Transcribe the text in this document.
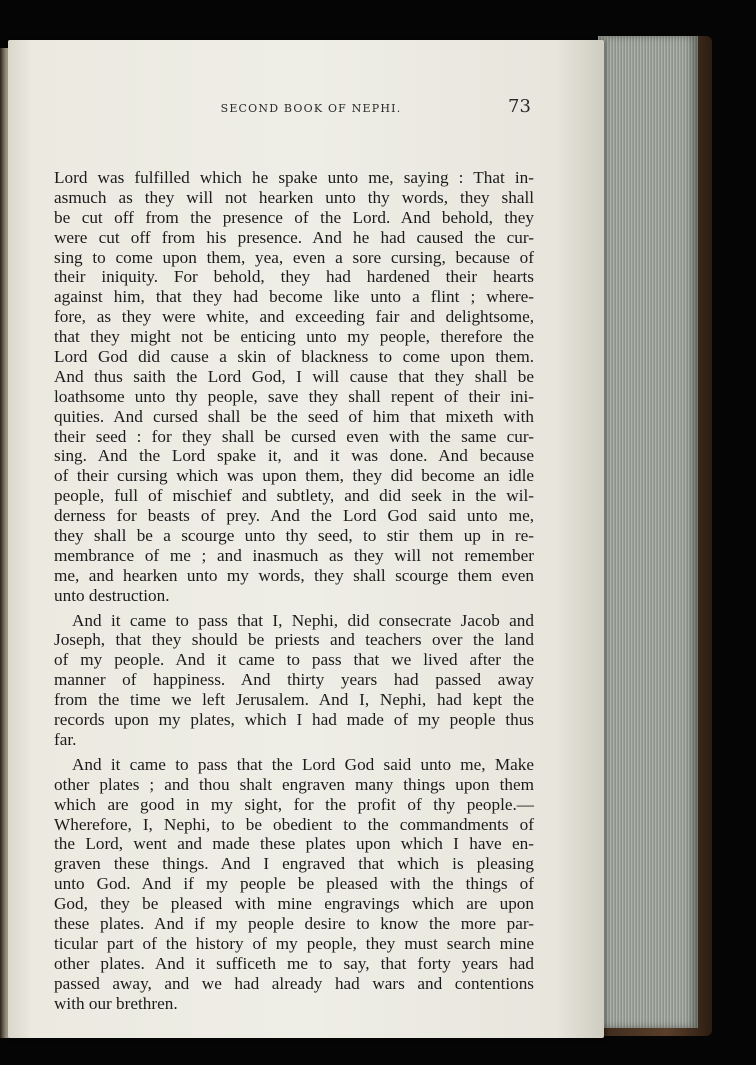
SECOND BOOK OF NEPHI.	73
Lord was fulfilled which he spake unto me, saying : That in-
asmuch as they will not hearken unto thy words, they shall
be cut off from the presence of the Lord. And behold, they
were cut off from his presence. And he had caused the cur-
sing to come upon them, yea, even a sore cursing, because of
their iniquity. For behold, they had hardened their hearts
against him, that they had become like unto a flint ; where-
fore, as they were white, and exceeding fair and delightsome,
that they might not be enticing unto my people, therefore the
Lord God did cause a skin of blackness to come upon them.
And thus saith the Lord God, I will cause that they shall be
loathsome unto thy people, save they shall repent of their ini-
quities. And cursed shall be the seed of him that mixeth with
their seed : for they shall be cursed even with the same cur-
sing. And the Lord spake it, and it was done. And because
of their cursing which was upon them, they did become an idle
people, full of mischief and subtlety, and did seek in the wil-
derness for beasts of prey. And the Lord God said unto me,
they shall be a scourge unto thy seed, to stir them up in re-
membrance of me ; and inasmuch as they will not remember
me, and hearken unto my words, they shall scourge them even
unto destruction.
And it came to pass that I, Nephi, did consecrate Jacob and
Joseph, that they should be priests and teachers over the land
of my people. And it came to pass that we lived after the
manner of happiness. And thirty years had passed away
from the time we left Jerusalem. And I, Nephi, had kept the
records upon my plates, which I had made of my people thus
far.
And it came to pass that the Lord God said unto me, Make
other plates ; and thou shalt engraven many things upon them
which are good in my sight, for the profit of thy people.—
Wherefore, I, Nephi, to be obedient to the commandments of
the Lord, went and made these plates upon which I have en-
graven these things. And I engraved that which is pleasing
unto God. And if my people be pleased with the things of
God, they be pleased with mine engravings which are upon
these plates. And if my people desire to know the more par-
ticular part of the history of my people, they must search mine
other plates. And it sufficeth me to say, that forty years had
passed away, and we had already had wars and contentions
with our brethren.
